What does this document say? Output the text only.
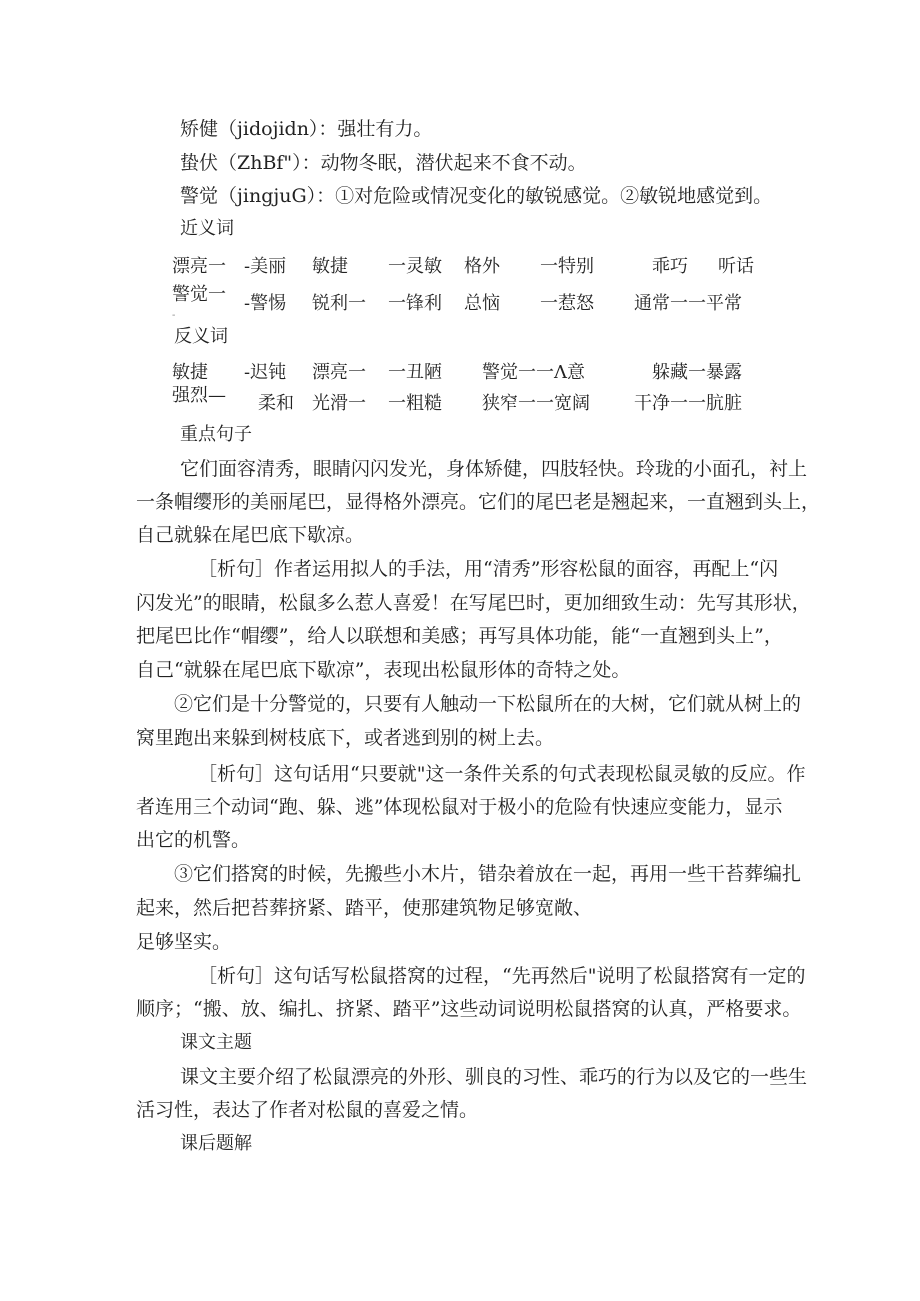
矫健（jidojidn）：强壮有力。
蛰伏（ZhBf"）：动物冬眠，潜伏起来不食不动。
警觉（jingjuG）：①对危险或情况变化的敏锐感觉。②敏锐地感觉到。
近义词
漂亮一 -美丽 敏捷 一灵敏 格外 一特别	乖巧 听话
警觉一 -警惕 锐利一 一锋利 总恼 一惹怒 通常一一平常
-
反义词
敏捷 -迟钝 漂亮一 一丑陋 警觉一一Λ意	躲藏一暴露
强烈— 柔和 光滑一 一粗糙 狭窄一一宽阔 干净一一肮脏
重点句子
它们面容清秀，眼睛闪闪发光，身体矫健，四肢轻快。玲珑的小面孔，衬上
一条帽缨形的美丽尾巴，显得格外漂亮。它们的尾巴老是翘起来，一直翘到头上，
自己就躲在尾巴底下歇凉。
［析句］作者运用拟人的手法，用“清秀”形容松鼠的面容，再配上“闪
闪发光”的眼睛，松鼠多么惹人喜爱！在写尾巴时，更加细致生动：先写其形状，
把尾巴比作“帽缨”，给人以联想和美感；再写具体功能，能“一直翘到头上”，
自己“就躲在尾巴底下歇凉”，表现出松鼠形体的奇特之处。
②它们是十分警觉的，只要有人触动一下松鼠所在的大树，它们就从树上的
窝里跑出来躲到树枝底下，或者逃到别的树上去。
［析句］这句话用“只要就"这一条件关系的句式表现松鼠灵敏的反应。作
者连用三个动词“跑、躲、逃”体现松鼠对于极小的危险有快速应变能力，显示
出它的机警。
③它们搭窝的时候，先搬些小木片，错杂着放在一起，再用一些干苔葬编扎
起来，然后把苔葬挤紧、踏平，使那建筑物足够宽敞、
足够坚实。
［析句］这句话写松鼠搭窝的过程，“先再然后"说明了松鼠搭窝有一定的
顺序；“搬、放、编扎、挤紧、踏平”这些动词说明松鼠搭窝的认真，严格要求。
课文主题
课文主要介绍了松鼠漂亮的外形、驯良的习性、乖巧的行为以及它的一些生
活习性，表达了作者对松鼠的喜爱之情。
课后题解
